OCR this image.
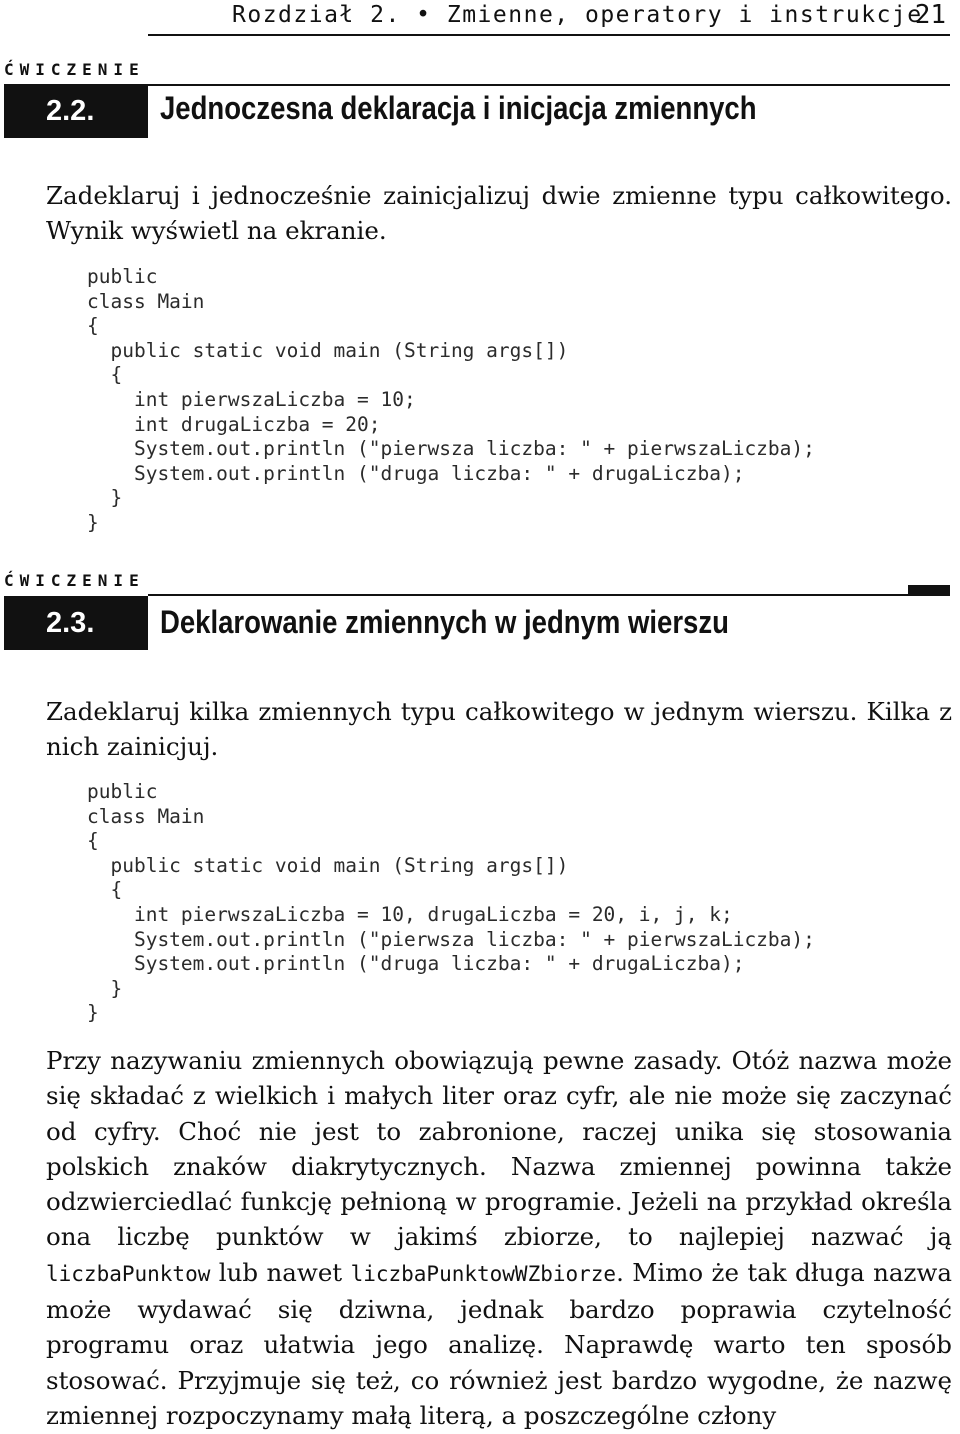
Rozdział 2. • Zmienne, operatory i instrukcje
21
ĆWICZENIE
2.2.	Jednoczesna deklaracja i inicjacja zmiennych

Zadeklaruj i jednocześnie zainicjalizuj dwie zmienne typu całkowitego. Wynik wyświetl na ekranie.

public
class Main
{
public static void main (String args[])
{
int pierwszaLiczba = 10;
int drugaLiczba = 20;
System.out.println ("pierwsza liczba: " + pierwszaLiczba);
System.out.println ("druga liczba: " + drugaLiczba);
}
}
ĆWICZENIE
2.3.	Deklarowanie zmiennych w jednym wierszu

Zadeklaruj kilka zmiennych typu całkowitego w jednym wierszu. Kilka z nich zainicjuj.

public
class Main
{
public static void main (String args[])
{
int pierwszaLiczba = 10, drugaLiczba = 20, i, j, k;
System.out.println ("pierwsza liczba: " + pierwszaLiczba);
System.out.println ("druga liczba: " + drugaLiczba);
}
}

Przy nazywaniu zmiennych obowiązują pewne zasady. Otóż nazwa może się składać z wielkich i małych liter oraz cyfr, ale nie może się zaczynać od cyfry. Choć nie jest to zabronione, raczej unika się stosowania polskich znaków diakrytycznych. Nazwa zmiennej powinna także odzwierciedlać funkcję pełnioną w programie. Jeżeli na przykład określa ona liczbę punktów w jakimś zbiorze, to najlepiej nazwać ją liczbaPunktow lub nawet liczbaPunktowWZbiorze. Mimo że tak długa nazwa może wydawać się dziwna, jednak bardzo poprawia czytelność programu oraz ułatwia jego analizę. Naprawdę warto ten sposób stosować. Przyjmuje się też, co również jest bardzo wygodne, że nazwę zmiennej rozpoczynamy małą literą, a poszczególne człony
